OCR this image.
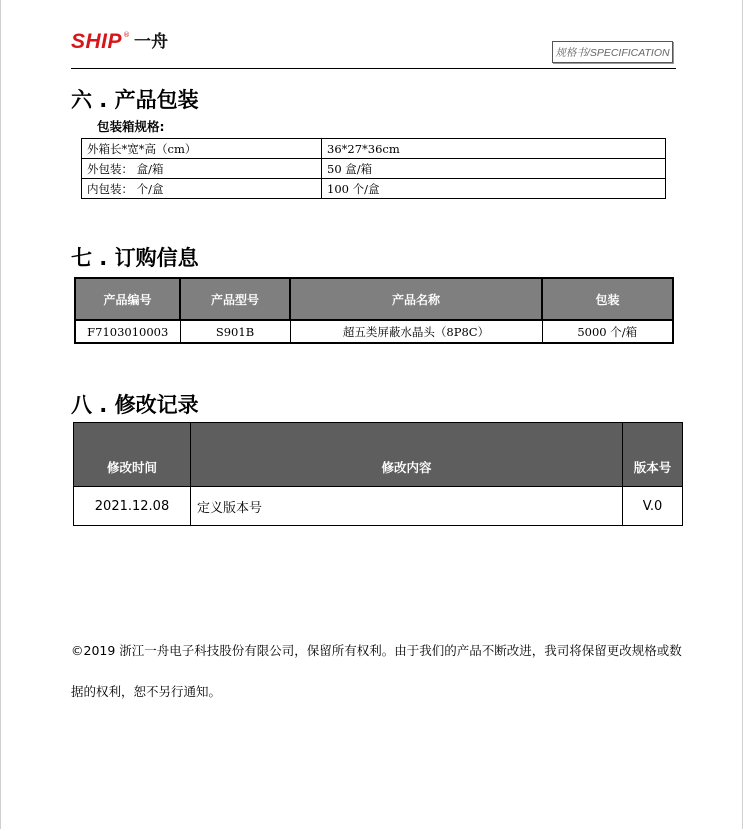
SHIP ® 一舟
规格书/SPECIFICATION
六 . 产品包装
包装箱规格:
外箱长*宽*高（cm）	36*27*36cm
外包装： 盒/箱	50 盒/箱
内包装： 个/盒	100 个/盒
七 . 订购信息
产品编号	产品型号	产品名称	包装
F7103010003	S901B	超五类屏蔽水晶头（8P8C）	5000 个/箱
八 . 修改记录
修改时间	修改内容	版本号
2021.12.08	定义版本号	V.0
©2019 浙江一舟电子科技股份有限公司，保留所有权利。由于我们的产品不断改进，我司将保留更改规格或数据的权利，恕不另行通知。
